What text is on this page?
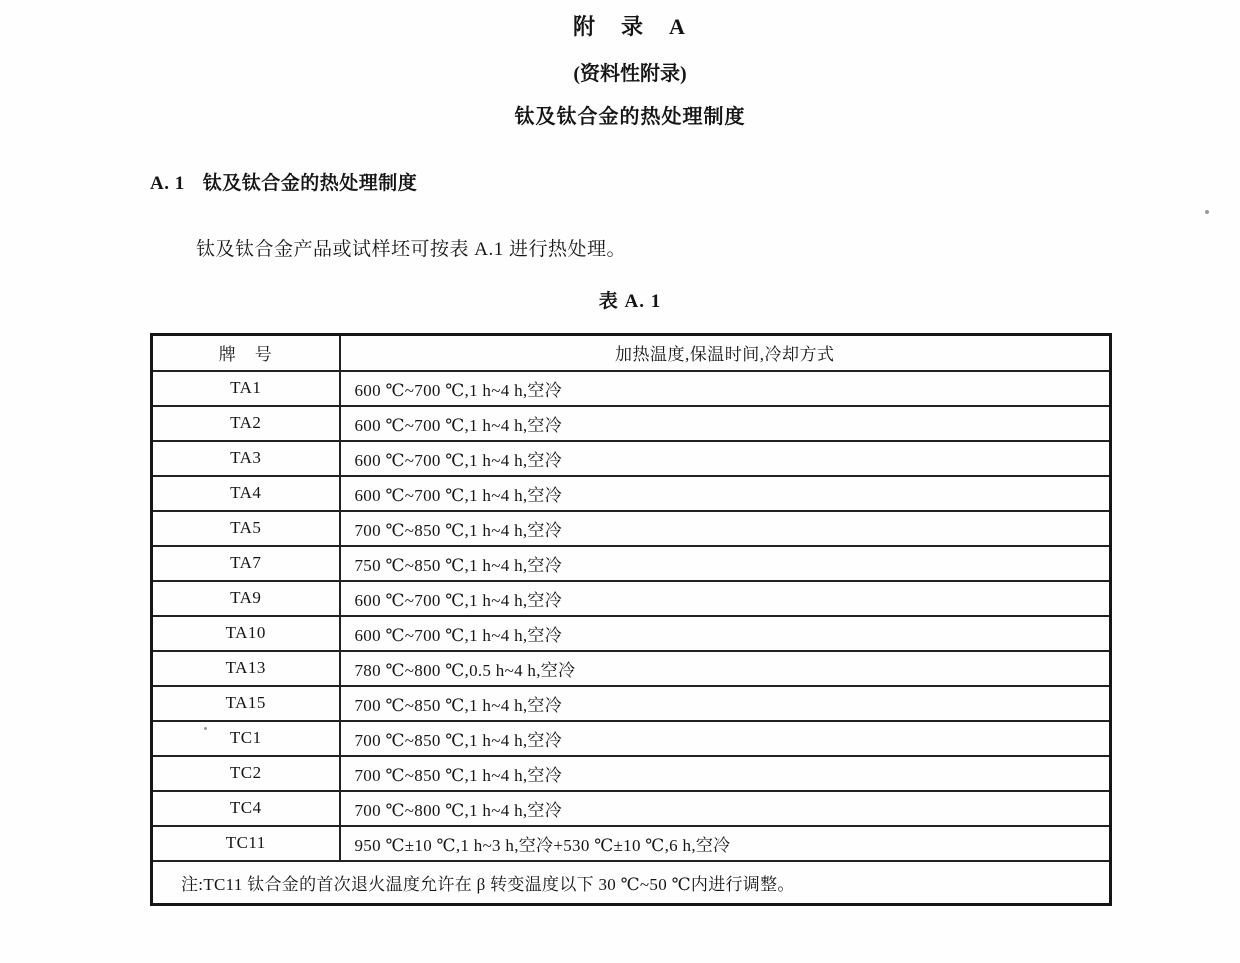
附　录　A
(资料性附录)
钛及钛合金的热处理制度
A. 1 钛及钛合金的热处理制度
钛及钛合金产品或试样坯可按表 A.1 进行热处理。
表 A. 1
牌　号	加热温度,保温时间,冷却方式
TA1	600 ℃~700 ℃,1 h~4 h,空冷
TA2	600 ℃~700 ℃,1 h~4 h,空冷
TA3	600 ℃~700 ℃,1 h~4 h,空冷
TA4	600 ℃~700 ℃,1 h~4 h,空冷
TA5	700 ℃~850 ℃,1 h~4 h,空冷
TA7	750 ℃~850 ℃,1 h~4 h,空冷
TA9	600 ℃~700 ℃,1 h~4 h,空冷
TA10	600 ℃~700 ℃,1 h~4 h,空冷
TA13	780 ℃~800 ℃,0.5 h~4 h,空冷
TA15	700 ℃~850 ℃,1 h~4 h,空冷
TC1	700 ℃~850 ℃,1 h~4 h,空冷
TC2	700 ℃~850 ℃,1 h~4 h,空冷
TC4	700 ℃~800 ℃,1 h~4 h,空冷
TC11	950 ℃±10 ℃,1 h~3 h,空冷+530 ℃±10 ℃,6 h,空冷
注:TC11 钛合金的首次退火温度允许在 β 转变温度以下 30 ℃~50 ℃内进行调整。	
